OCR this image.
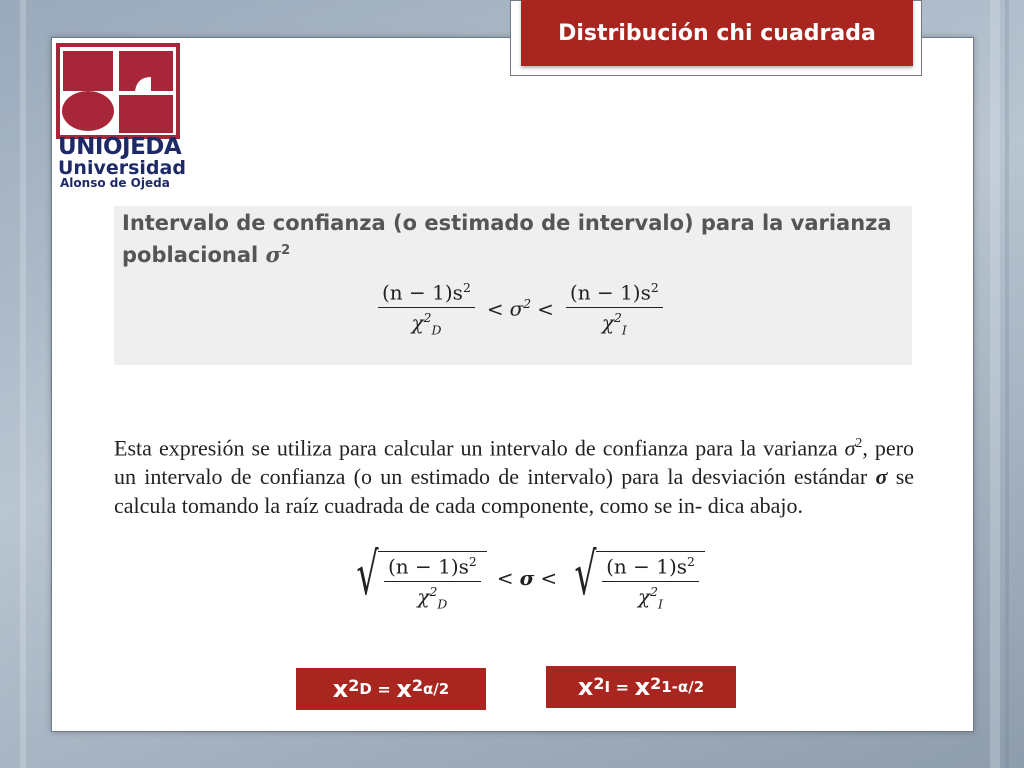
Distribución chi cuadrada
UNIOJEDA
Universidad
Alonso de Ojeda
Intervalo de confianza (o estimado de intervalo) para la varianza poblacional $\sigma^2$
$\frac{(n - 1)s^2}{\chi^2_D} < \sigma^2 < \frac{(n - 1)s^2}{\chi^2_I}$
Esta expresión se utiliza para calcular un intervalo de confianza para la varianza $\sigma^2$, pero un intervalo de confianza (o un estimado de intervalo) para la desviación estándar σ se calcula tomando la raíz cuadrada de cada componente, como se in- dica abajo.
√ $\frac{(n - 1)s^2}{\chi^2_D} < \sigma$ < √ $\frac{(n - 1)s^2}{\chi^2_I}$
$x^2$ $D = x^2$ α/2	$x^2$ $I = x^2$ 1-α/2
